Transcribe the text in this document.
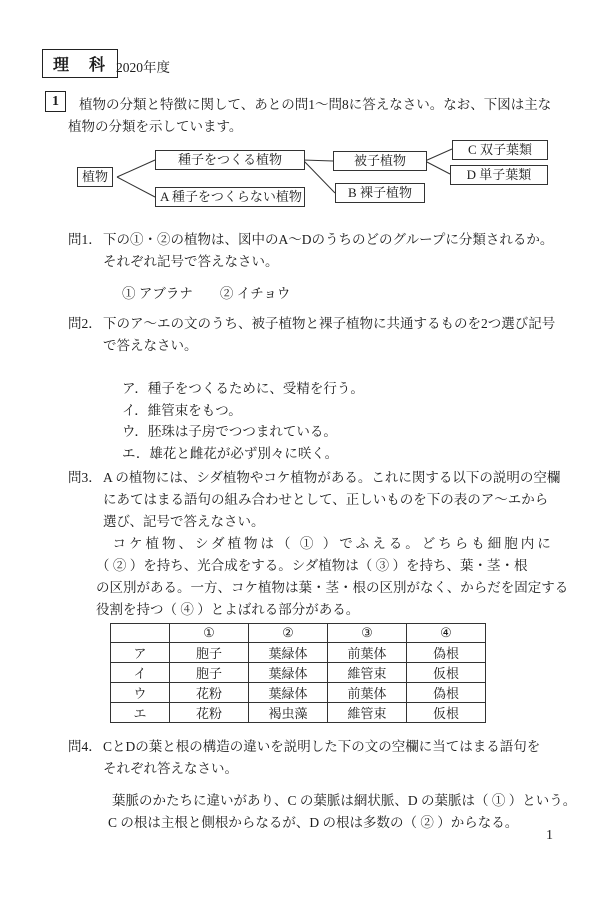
理　科 2020年度
1	植物の分類と特徴に関して、あとの問1～問8に答えなさい。なお、下図は主な
植物の分類を示しています。
植物
種子をつくる植物
A 種子をつくらない植物
被子植物
B 裸子植物
C 双子葉類
D 単子葉類
問1．下の①・②の植物は、図中のA～Dのうちのどのグループに分類されるか。
それぞれ記号で答えなさい。
① アブラナ　　② イチョウ
問2．下のア～エの文のうち、被子植物と裸子植物に共通するものを2つ選び記号
で答えなさい。
ア．種子をつくるために、受精を行う。
イ．維管束をもつ。
ウ．胚珠は子房でつつまれている。
エ．雄花と雌花が必ず別々に咲く。
問3．A の植物には、シダ植物やコケ植物がある。これに関する以下の説明の空欄
にあてはまる語句の組み合わせとして、正しいものを下の表のア～エから
選び、記号で答えなさい。
　コケ植物、シダ植物は（ ① ）でふえる。どちらも細胞内に
（ ② ）を持ち、光合成をする。シダ植物は（ ③ ）を持ち、葉・茎・根
の区別がある。一方、コケ植物は葉・茎・根の区別がなく、からだを固定する
役割を持つ（ ④ ）とよばれる部分がある。
	①	②	③	④
ア	胞子	葉緑体	前葉体	偽根
イ	胞子	葉緑体	維管束	仮根
ウ	花粉	葉緑体	前葉体	偽根
エ	花粉	褐虫藻	維管束	仮根
問4．CとDの葉と根の構造の違いを説明した下の文の空欄に当てはまる語句を
それぞれ答えなさい。
葉脈のかたちに違いがあり、C の葉脈は網状脈、D の葉脈は（ ① ）という。
C の根は主根と側根からなるが、D の根は多数の（ ② ）からなる。
1
